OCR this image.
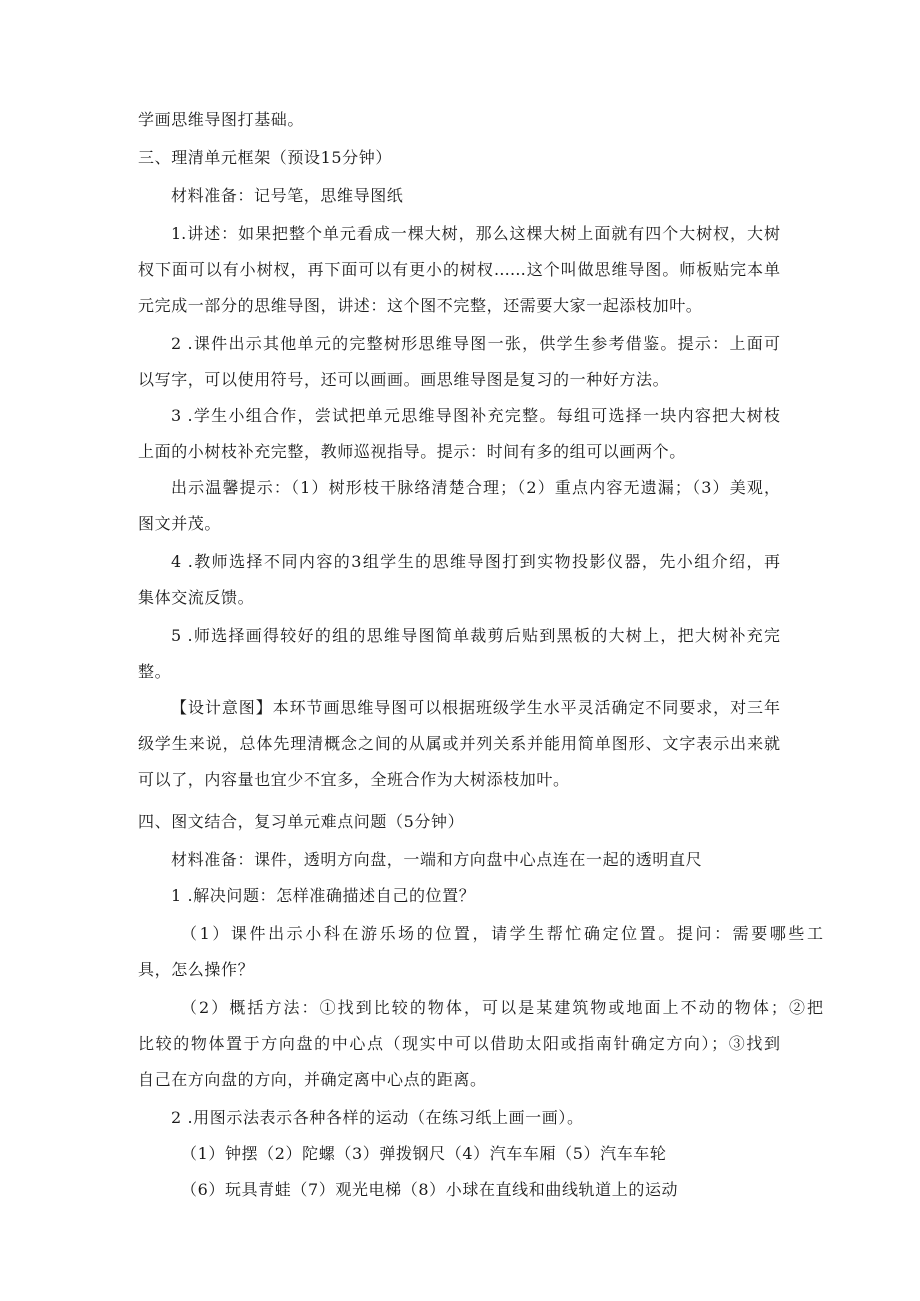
学画思维导图打基础。
三、理清单元框架（预设15分钟）
材料准备：记号笔，思维导图纸
1.讲述：如果把整个单元看成一棵大树，那么这棵大树上面就有四个大树杈，大树
杈下面可以有小树杈，再下面可以有更小的树杈……这个叫做思维导图。师板贴完本单
元完成一部分的思维导图，讲述：这个图不完整，还需要大家一起添枝加叶。
2 .课件出示其他单元的完整树形思维导图一张，供学生参考借鉴。提示：上面可
以写字，可以使用符号，还可以画画。画思维导图是复习的一种好方法。
3 .学生小组合作，尝试把单元思维导图补充完整。每组可选择一块内容把大树枝
上面的小树枝补充完整，教师巡视指导。提示：时间有多的组可以画两个。
出示温馨提示：（1）树形枝干脉络清楚合理；（2）重点内容无遗漏；（3）美观，
图文并茂。
4 .教师选择不同内容的3组学生的思维导图打到实物投影仪器，先小组介绍，再
集体交流反馈。
5 .师选择画得较好的组的思维导图简单裁剪后贴到黑板的大树上，把大树补充完
整。
【设计意图】本环节画思维导图可以根据班级学生水平灵活确定不同要求，对三年
级学生来说，总体先理清概念之间的从属或并列关系并能用简单图形、文字表示出来就
可以了，内容量也宜少不宜多，全班合作为大树添枝加叶。
四、图文结合，复习单元难点问题（5分钟）
材料准备：课件，透明方向盘，一端和方向盘中心点连在一起的透明直尺
1 .解决问题：怎样准确描述自己的位置？
（1）课件出示小科在游乐场的位置，请学生帮忙确定位置。提问：需要哪些工
具，怎么操作？
（2）概括方法：①找到比较的物体，可以是某建筑物或地面上不动的物体；②把
比较的物体置于方向盘的中心点（现实中可以借助太阳或指南针确定方向）；③找到
自己在方向盘的方向，并确定离中心点的距离。
2 .用图示法表示各种各样的运动（在练习纸上画一画）。
（1）钟摆（2）陀螺（3）弹拨钢尺（4）汽车车厢（5）汽车车轮
（6）玩具青蛙（7）观光电梯（8）小球在直线和曲线轨道上的运动
